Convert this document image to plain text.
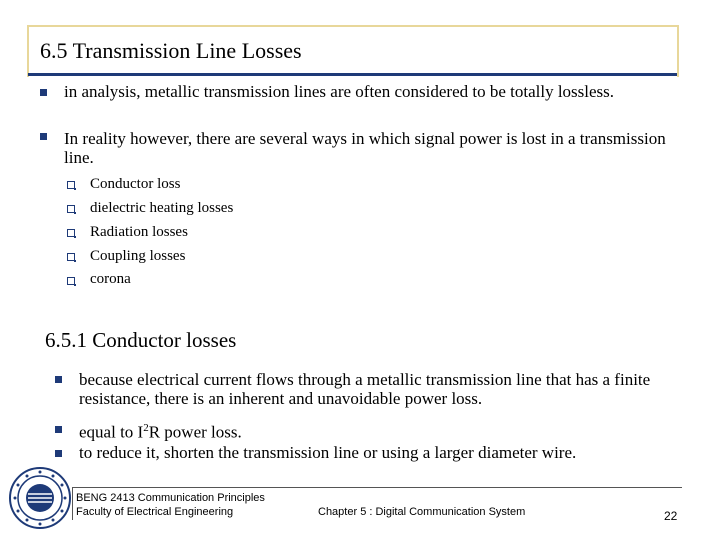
6.5 Transmission Line Losses
in analysis, metallic transmission lines are often considered to be totally lossless.
In reality however, there are several ways in which signal power is lost in a transmission line.
Conductor loss
dielectric heating losses
Radiation losses
Coupling losses
corona
6.5.1 Conductor losses
because electrical current flows through a metallic transmission line that has a finite resistance, there is an inherent and unavoidable power loss.
equal to $I^2R$ power loss.
to reduce it, shorten the transmission line or using a larger diameter wire.
BENG 2413 Communication Principles
Faculty of Electrical Engineering	Chapter 5 : Digital Communication System	22
